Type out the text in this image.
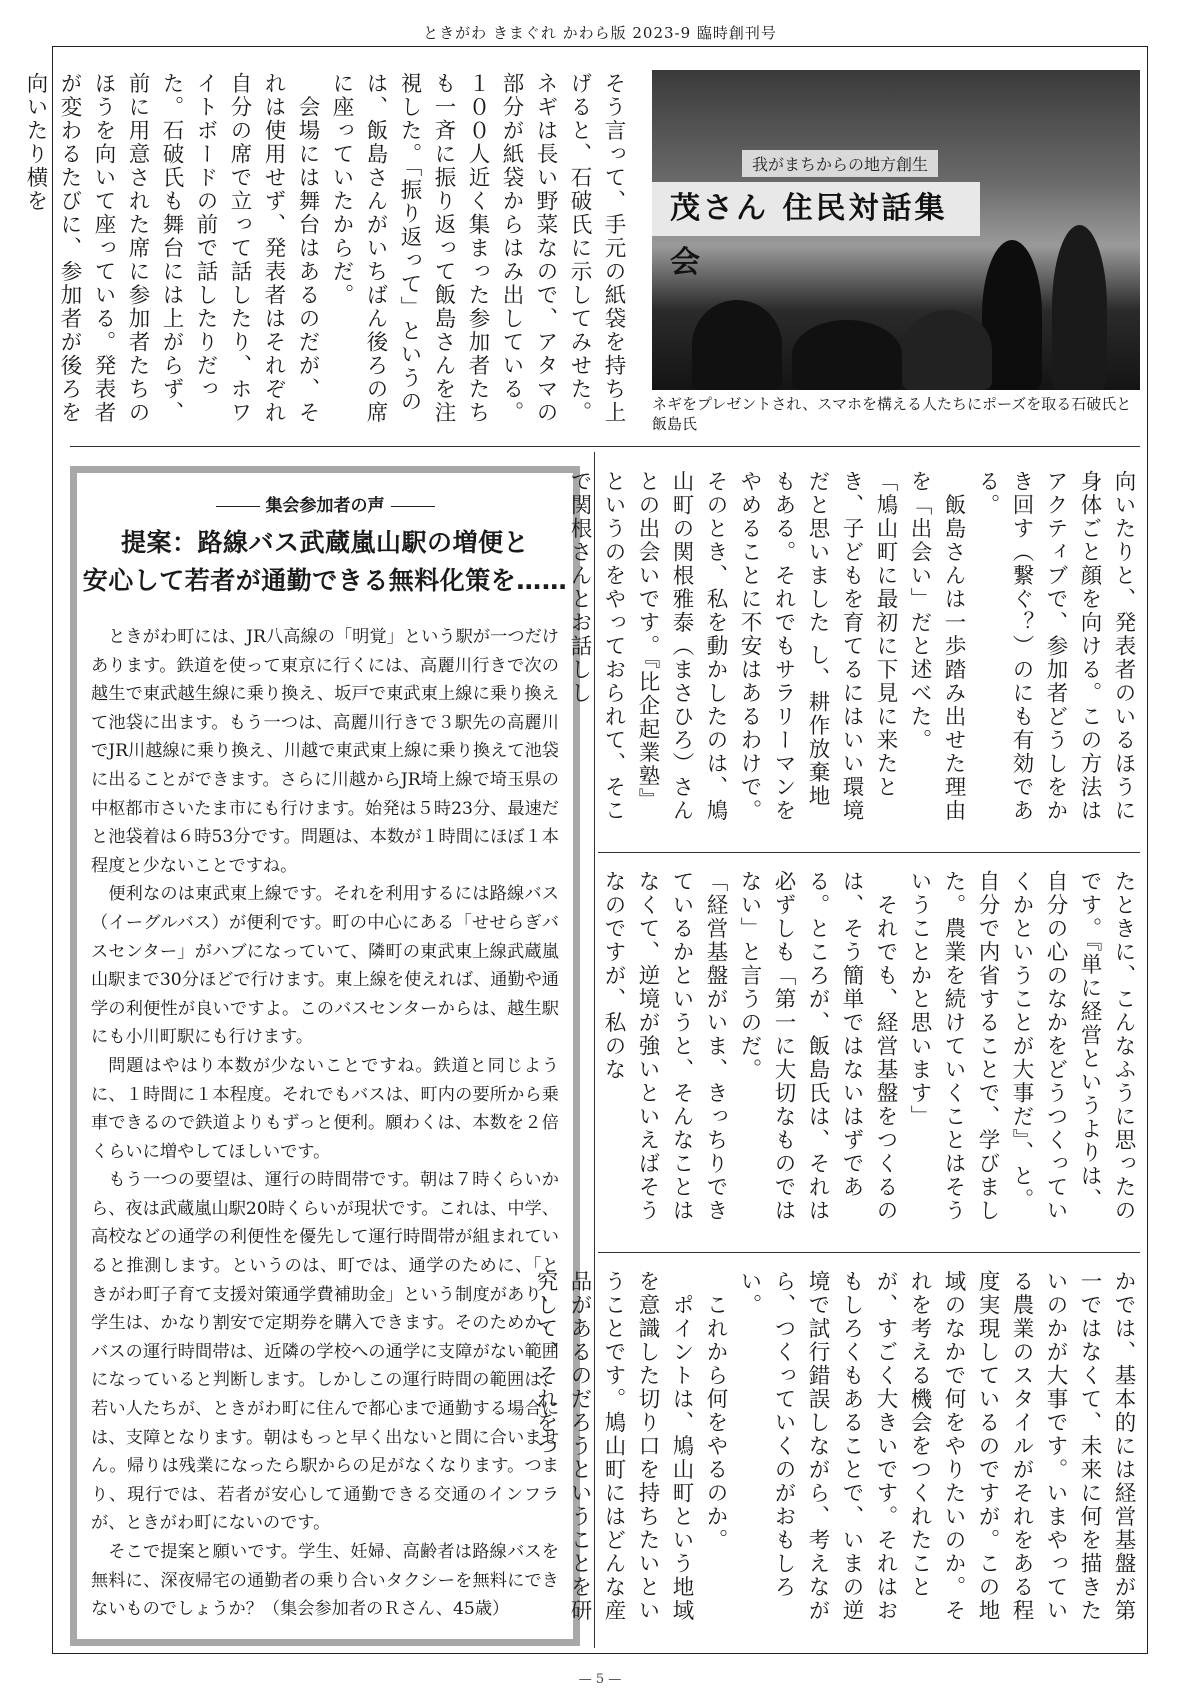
ときがわ きまぐれ かわら版 2023-9 臨時創刊号

そう言って、手元の紙袋を持ち上げると、石破氏に示してみせた。ネギは長い野菜なので、アタマの部分が紙袋からはみ出している。１００人近く集まった参加者たちも一斉に振り返って飯島さんを注視した。「振り返って」というのは、飯島さんがいちばん後ろの席に座っていたからだ。
　会場には舞台はあるのだが、それは使用せず、発表者はそれぞれ自分の席で立って話したり、ホワイトボードの前で話したりだった。石破氏も舞台には上がらず、前に用意された席に参加者たちのほうを向いて座っている。発表者が変わるたびに、参加者が後ろを向いたり横を	我がまちからの地方創生
茂さん 住民対話集会
ネギをプレゼントされ、スマホを構える人たちにポーズを取る石破氏と飯島氏
集会参加者の声
提案：路線バス武蔵嵐山駅の増便と
安心して若者が通勤できる無料化策を……

ときがわ町には、JR八高線の「明覚」という駅が一つだけあります。鉄道を使って東京に行くには、高麗川行きで次の越生で東武越生線に乗り換え、坂戸で東武東上線に乗り換えて池袋に出ます。もう一つは、高麗川行きで３駅先の高麗川でJR川越線に乗り換え、川越で東武東上線に乗り換えて池袋に出ることができます。さらに川越からJR埼上線で埼玉県の中枢都市さいたま市にも行けます。始発は５時23分、最速だと池袋着は６時53分です。問題は、本数が１時間にほぼ１本程度と少ないことですね。

便利なのは東武東上線です。それを利用するには路線バス（イーグルバス）が便利です。町の中心にある「せせらぎバスセンター」がハブになっていて、隣町の東武東上線武蔵嵐山駅まで30分ほどで行けます。東上線を使えれば、通勤や通学の利便性が良いですよ。このバスセンターからは、越生駅にも小川町駅にも行けます。

問題はやはり本数が少ないことですね。鉄道と同じように、１時間に１本程度。それでもバスは、町内の要所から乗車できるので鉄道よりもずっと便利。願わくは、本数を２倍くらいに増やしてほしいです。

もう一つの要望は、運行の時間帯です。朝は７時くらいから、夜は武蔵嵐山駅20時くらいが現状です。これは、中学、高校などの通学の利便性を優先して運行時間帯が組まれていると推測します。というのは、町では、通学のために、「ときがわ町子育て支援対策通学費補助金」という制度があり、学生は、かなり割安で定期券を購入できます。そのためか、バスの運行時間帯は、近隣の学校への通学に支障がない範囲になっていると判断します。しかしこの運行時間の範囲は、若い人たちが、ときがわ町に住んで都心まで通勤する場合には、支障となります。朝はもっと早く出ないと間に合いません。帰りは残業になったら駅からの足がなくなります。つまり、現行では、若者が安心して通勤できる交通のインフラが、ときがわ町にないのです。

そこで提案と願いです。学生、妊婦、高齢者は路線バスを無料に、深夜帰宅の通勤者の乗り合いタクシーを無料にできないものでしょうか？（集会参加者のＲさん、45歳）

向いたりと、発表者のいるほうに身体ごと顔を向ける。この方法はアクティブで、参加者どうしをかき回す（繋ぐ？）のにも有効である。
　飯島さんは一歩踏み出せた理由を「出会い」だと述べた。
「鳩山町に最初に下見に来たとき、子どもを育てるにはいい環境だと思いました し、耕作放棄地もある。それでもサラリーマンをやめることに不安はあるわけで。そのとき、私を動かしたのは、鳩山町の関根雅泰（まさひろ）さんとの出会いです。『比企起業塾』というのをやっておられて、そこで関根さんとお話しし

たときに、こんなふうに思ったのです。『単に経営というよりは、自分の心のなかをどうつくっていくかということが大事だ』、と。自分で内省することで、学びました。農業を続けていくことはそういうことかと思います」
　それでも、経営基盤をつくるのは、そう簡単ではないはずである。ところが、飯島氏は、それは必ずしも「第一に大切なものではない」と言うのだ。
「経営基盤がいま、きっちりできているかというと、そんなことはなくて、逆境が強いといえばそうなのですが、私のな

かでは、基本的には経営基盤が第一ではなくて、未来に何を描きたいのかが大事です。いまやっている農業のスタイルがそれをある程度実現しているのですが。この地域のなかで何をやりたいのか。それを考える機会をつくれたことが、すごく大きいです。それはおもしろくもあることで、いまの逆境で試行錯誤しながら、考えながら、つくっていくのがおもしろい。
　これから何をやるのか。
　ポイントは、鳩山町という地域を意識した切り口を持ちたいということです。鳩山町にはどんな産品があるのだろうということを研究して、それをつ

— 5 —
